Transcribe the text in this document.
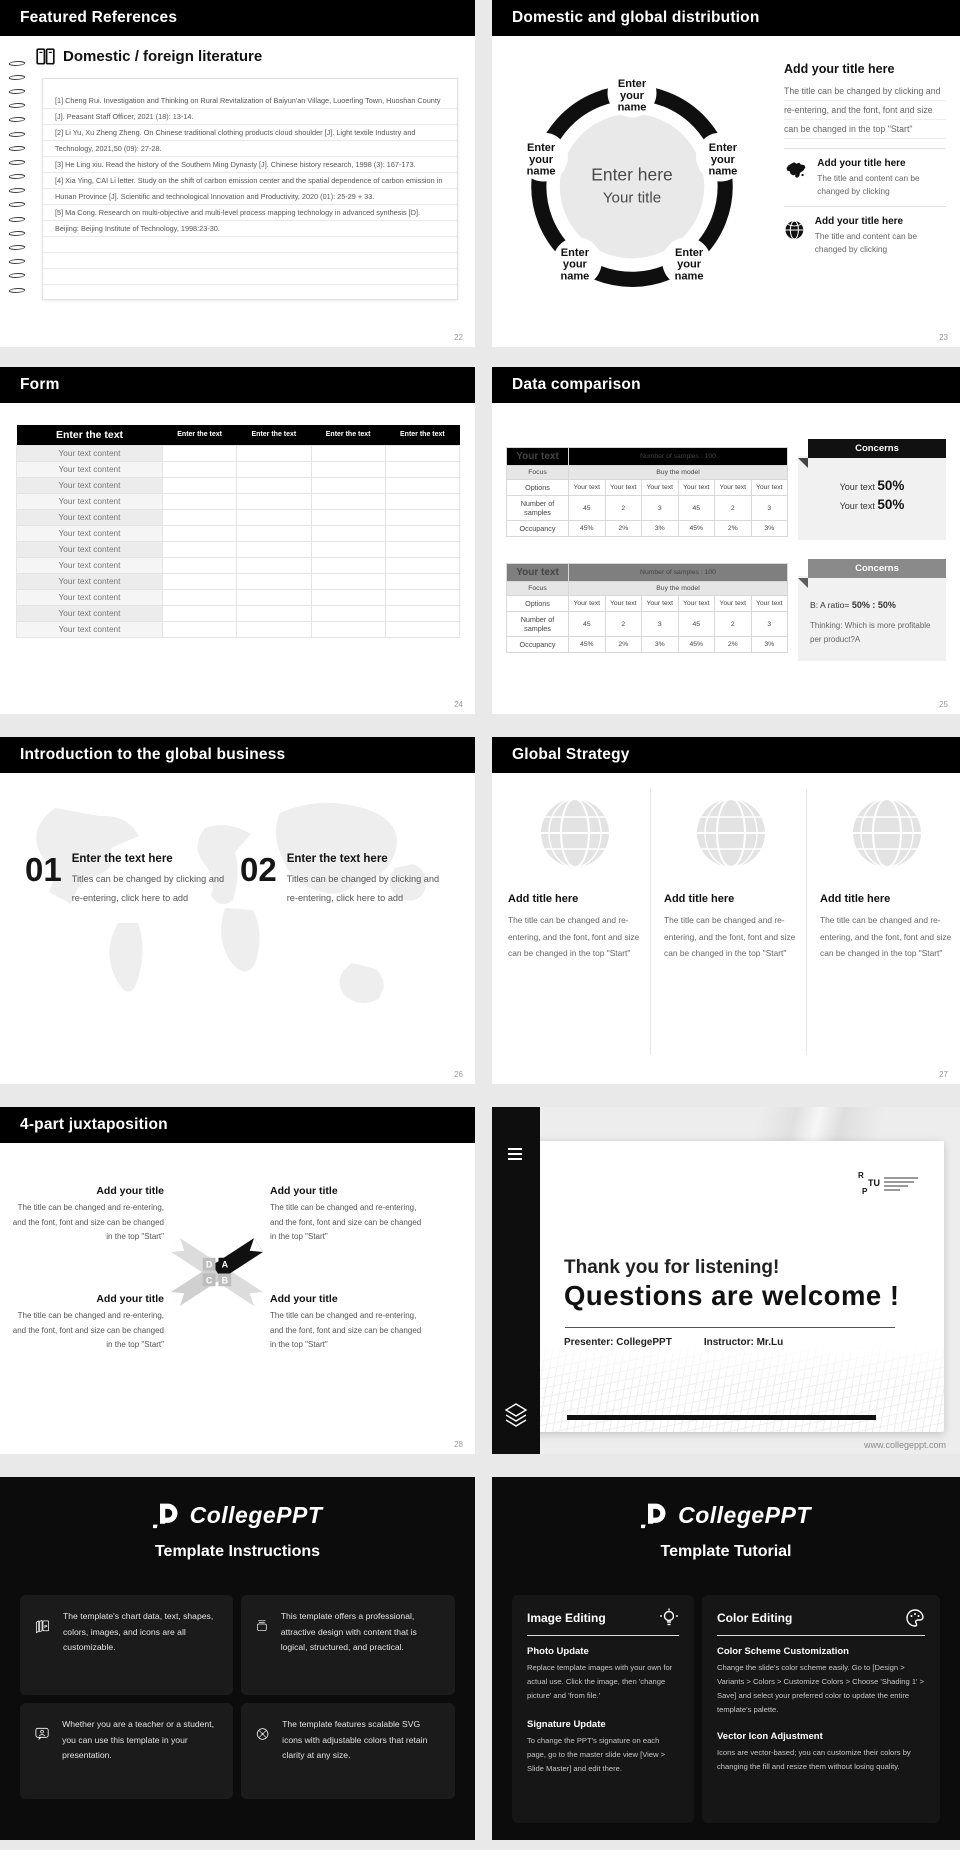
Featured References
Domestic / foreign literature

[1] Cheng Rui. Investigation and Thinking on Rural Revitalization of Baiyun'an Village, Luoerling Town, Huoshan County [J]. Peasant Staff Officer, 2021 (18): 13-14.

[2] Li Yu, Xu Zheng Zheng. On Chinese traditional clothing products cloud shoulder [J]. Light textile Industry and Technology, 2021,50 (09): 27-28.

[3] He Ling xiu. Read the history of the Southern Ming Dynasty [J]. Chinese history research, 1998 (3): 167-173.

[4] Xia Ying, CAI Li letter. Study on the shift of carbon emission center and the spatial dependence of carbon emission in Hunan Province [J]. Scientific and technological Innovation and Productivity, 2020 (01): 25-29 + 33.

[5] Ma Cong. Research on multi-objective and multi-level process mapping technology in advanced synthesis [D]. Beijing: Beijing Institute of Technology, 1998:23-30.

22
Domestic and global distribution
Enter here
Your title
Enter your name
Enter your name
Enter your name
Enter your name
Enter your name
Add your title here
The title can be changed by clicking and re-entering, and the font, font and size can be changed in the top "Start"
Add your title here
The title and content can be changed by clicking
Add your title here
The title and content can be changed by clicking
23
Form
Enter the text	Enter the text	Enter the text	Enter the text	Enter the text
Your text content				
Your text content				
Your text content				
Your text content				
Your text content				
Your text content				
Your text content				
Your text content				
Your text content				
Your text content				
Your text content				
Your text content				
24
Data comparison
Your text	Number of samples : 100					
Focus	Buy the model					
Options	Your text	Your text	Your text	Your text	Your text	Your text
Number of samples	45	2	3	45	2	3
Occupancy	45%	2%	3%	45%	2%	3%
Your text	Number of samples : 100					
Focus	Buy the model					
Options	Your text	Your text	Your text	Your text	Your text	Your text
Number of samples	45	2	3	45	2	3
Occupancy	45%	2%	3%	45%	2%	3%
Concerns
Your text 50%
Your text 50%
Concerns
B: A ratio= 50% : 50%
Thinking: Which is more profitable per product?A
25
Introduction to the global business
01 Enter the text here
Titles can be changed by clicking and re-entering, click here to add
02 Enter the text here
Titles can be changed by clicking and re-entering, click here to add
26
Global Strategy
Add title here
The title can be changed and re-entering, and the font, font and size can be changed in the top "Start"
Add title here
The title can be changed and re-entering, and the font, font and size can be changed in the top "Start"
Add title here
The title can be changed and re-entering, and the font, font and size can be changed in the top "Start"
27
4-part juxtaposition
Add your title
The title can be changed and re-entering, and the font, font and size can be changed in the top "Start"
Add your title
The title can be changed and re-entering, and the font, font and size can be changed in the top "Start"
Add your title
The title can be changed and re-entering, and the font, font and size can be changed in the top "Start"
Add your title
The title can be changed and re-entering, and the font, font and size can be changed in the top "Start"
D A
C B
28
R
TU
P
Thank you for listening!
Questions are welcome !
Presenter: CollegePPT	Instructor: Mr.Lu
www.collegeppt.com
CollegePPT
Template Instructions
P

The template's chart data, text, shapes, colors, images, and icons are all customizable.

This template offers a professional, attractive design with content that is logical, structured, and practical.

Whether you are a teacher or a student, you can use this template in your presentation.

The template features scalable SVG icons with adjustable colors that retain clarity at any size.

CollegePPT
Template Tutorial
Image Editing
Photo Update
Replace template images with your own for actual use. Click the image, then 'change picture' and 'from file.'
Signature Update
To change the PPT's signature on each page, go to the master slide view [View > Slide Master] and edit there.
Color Editing
Color Scheme Customization
Change the slide's color scheme easily. Go to [Design > Variants > Colors > Customize Colors > Choose 'Shading 1' > Save] and select your preferred color to update the entire template's palette.
Vector Icon Adjustment
Icons are vector-based; you can customize their colors by changing the fill and resize them without losing quality.
